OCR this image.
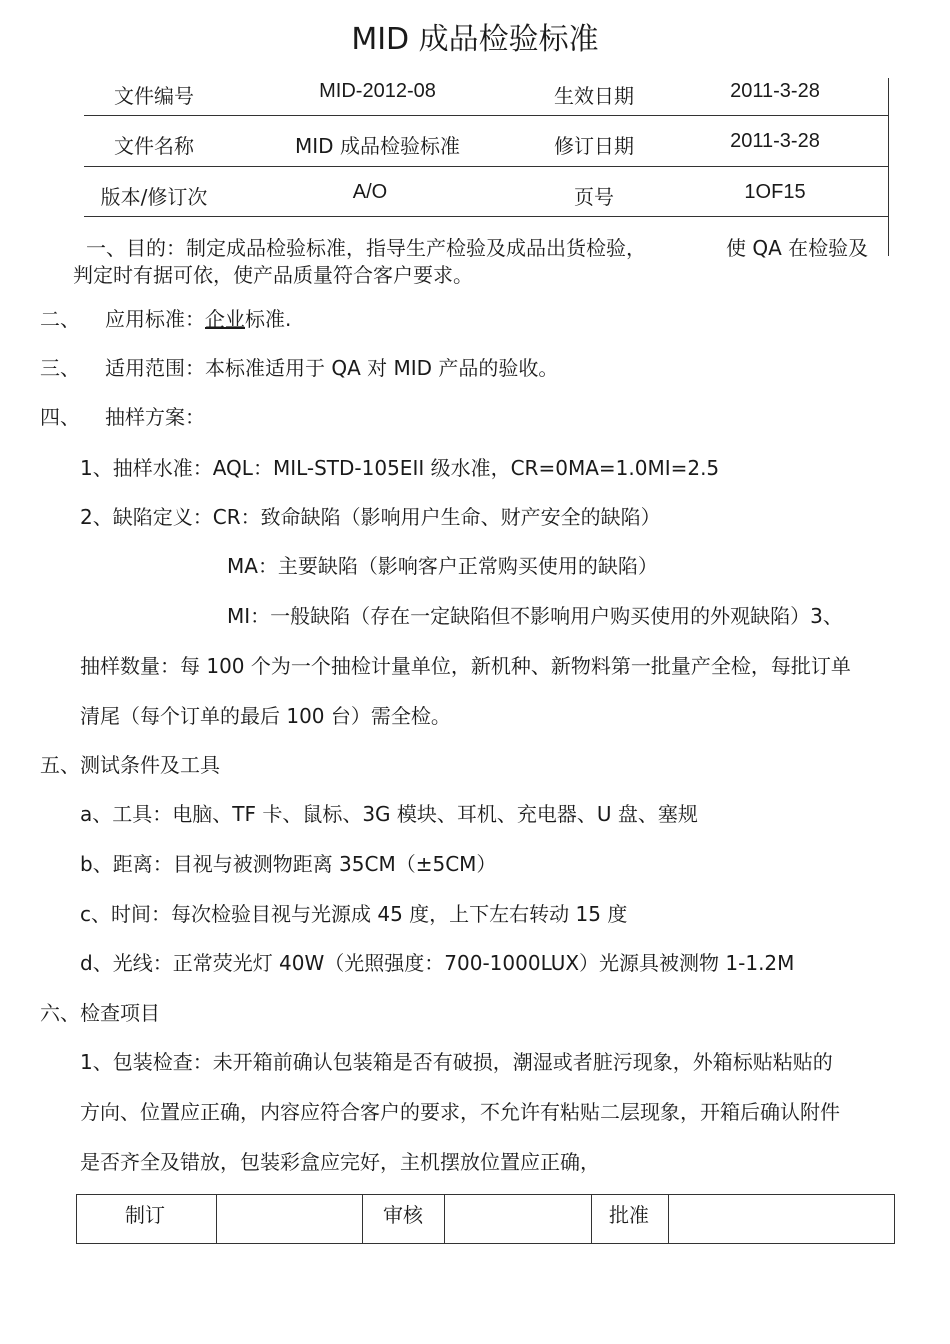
MID 成品检验标准
文件编号	MID-2012-08	生效日期	2011-3-28
文件名称	MID 成品检验标准	修订日期	2011-3-28
版本/修订次	A/O	页号	1OF15
一、目的：制定成品检验标准，指导生产检验及成品出货检验，	使 QA 在检验及
判定时有据可依，使产品质量符合客户要求。
二、 应用标准：企业标准.
三、 适用范围：本标准适用于 QA 对 MID 产品的验收。
四、 抽样方案：
1、抽样水准：AQL：MIL-STD-105EII 级水准，CR=0MA=1.0MI=2.5
2、缺陷定义：CR：致命缺陷（影响用户生命、财产安全的缺陷）
MA：主要缺陷（影响客户正常购买使用的缺陷）
MI：一般缺陷（存在一定缺陷但不影响用户购买使用的外观缺陷）3、
抽样数量：每 100 个为一个抽检计量单位，新机种、新物料第一批量产全检，每批订单
清尾（每个订单的最后 100 台）需全检。
五、测试条件及工具
a、工具：电脑、TF 卡、鼠标、3G 模块、耳机、充电器、U 盘、塞规
b、距离：目视与被测物距离 35CM（±5CM）
c、时间：每次检验目视与光源成 45 度，上下左右转动 15 度
d、光线：正常荧光灯 40W（光照强度：700-1000LUX）光源具被测物 1-1.2M
六、检查项目
1、包装检查：未开箱前确认包装箱是否有破损，潮湿或者脏污现象，外箱标贴粘贴的
方向、位置应正确，内容应符合客户的要求，不允许有粘贴二层现象，开箱后确认附件
是否齐全及错放，包装彩盒应完好，主机摆放位置应正确，
制订	审核	批准
